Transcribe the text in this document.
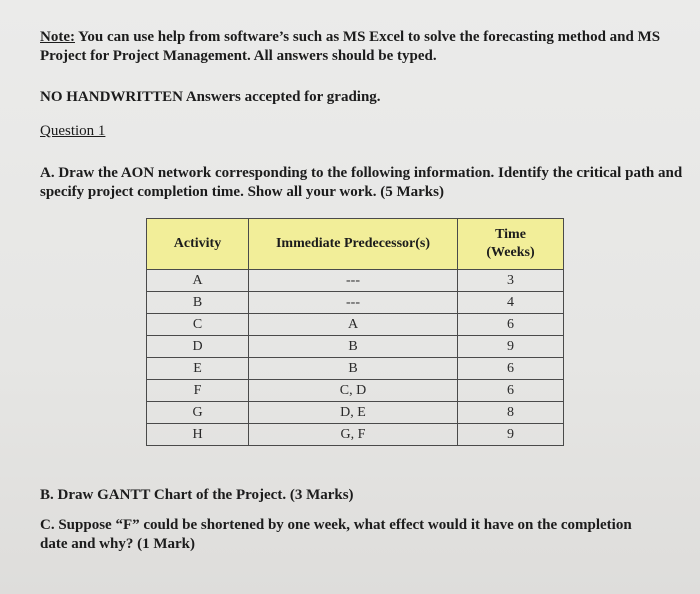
Note: You can use help from software’s such as MS Excel to solve the forecasting method and MS Project for Project Management. All answers should be typed.

NO HANDWRITTEN Answers accepted for grading.

Question 1

A. Draw the AON network corresponding to the following information. Identify the critical path and specify project completion time. Show all your work. (5 Marks)

Activity	Immediate Predecessor(s)	Time
(Weeks)
A	---	3
B	---	4
C	A	6
D	B	9
E	B	6
F	C, D	6
G	D, E	8
H	G, F	9

B. Draw GANTT Chart of the Project. (3 Marks)

C. Suppose “F” could be shortened by one week, what effect would it have on the completion date and why? (1 Mark)
